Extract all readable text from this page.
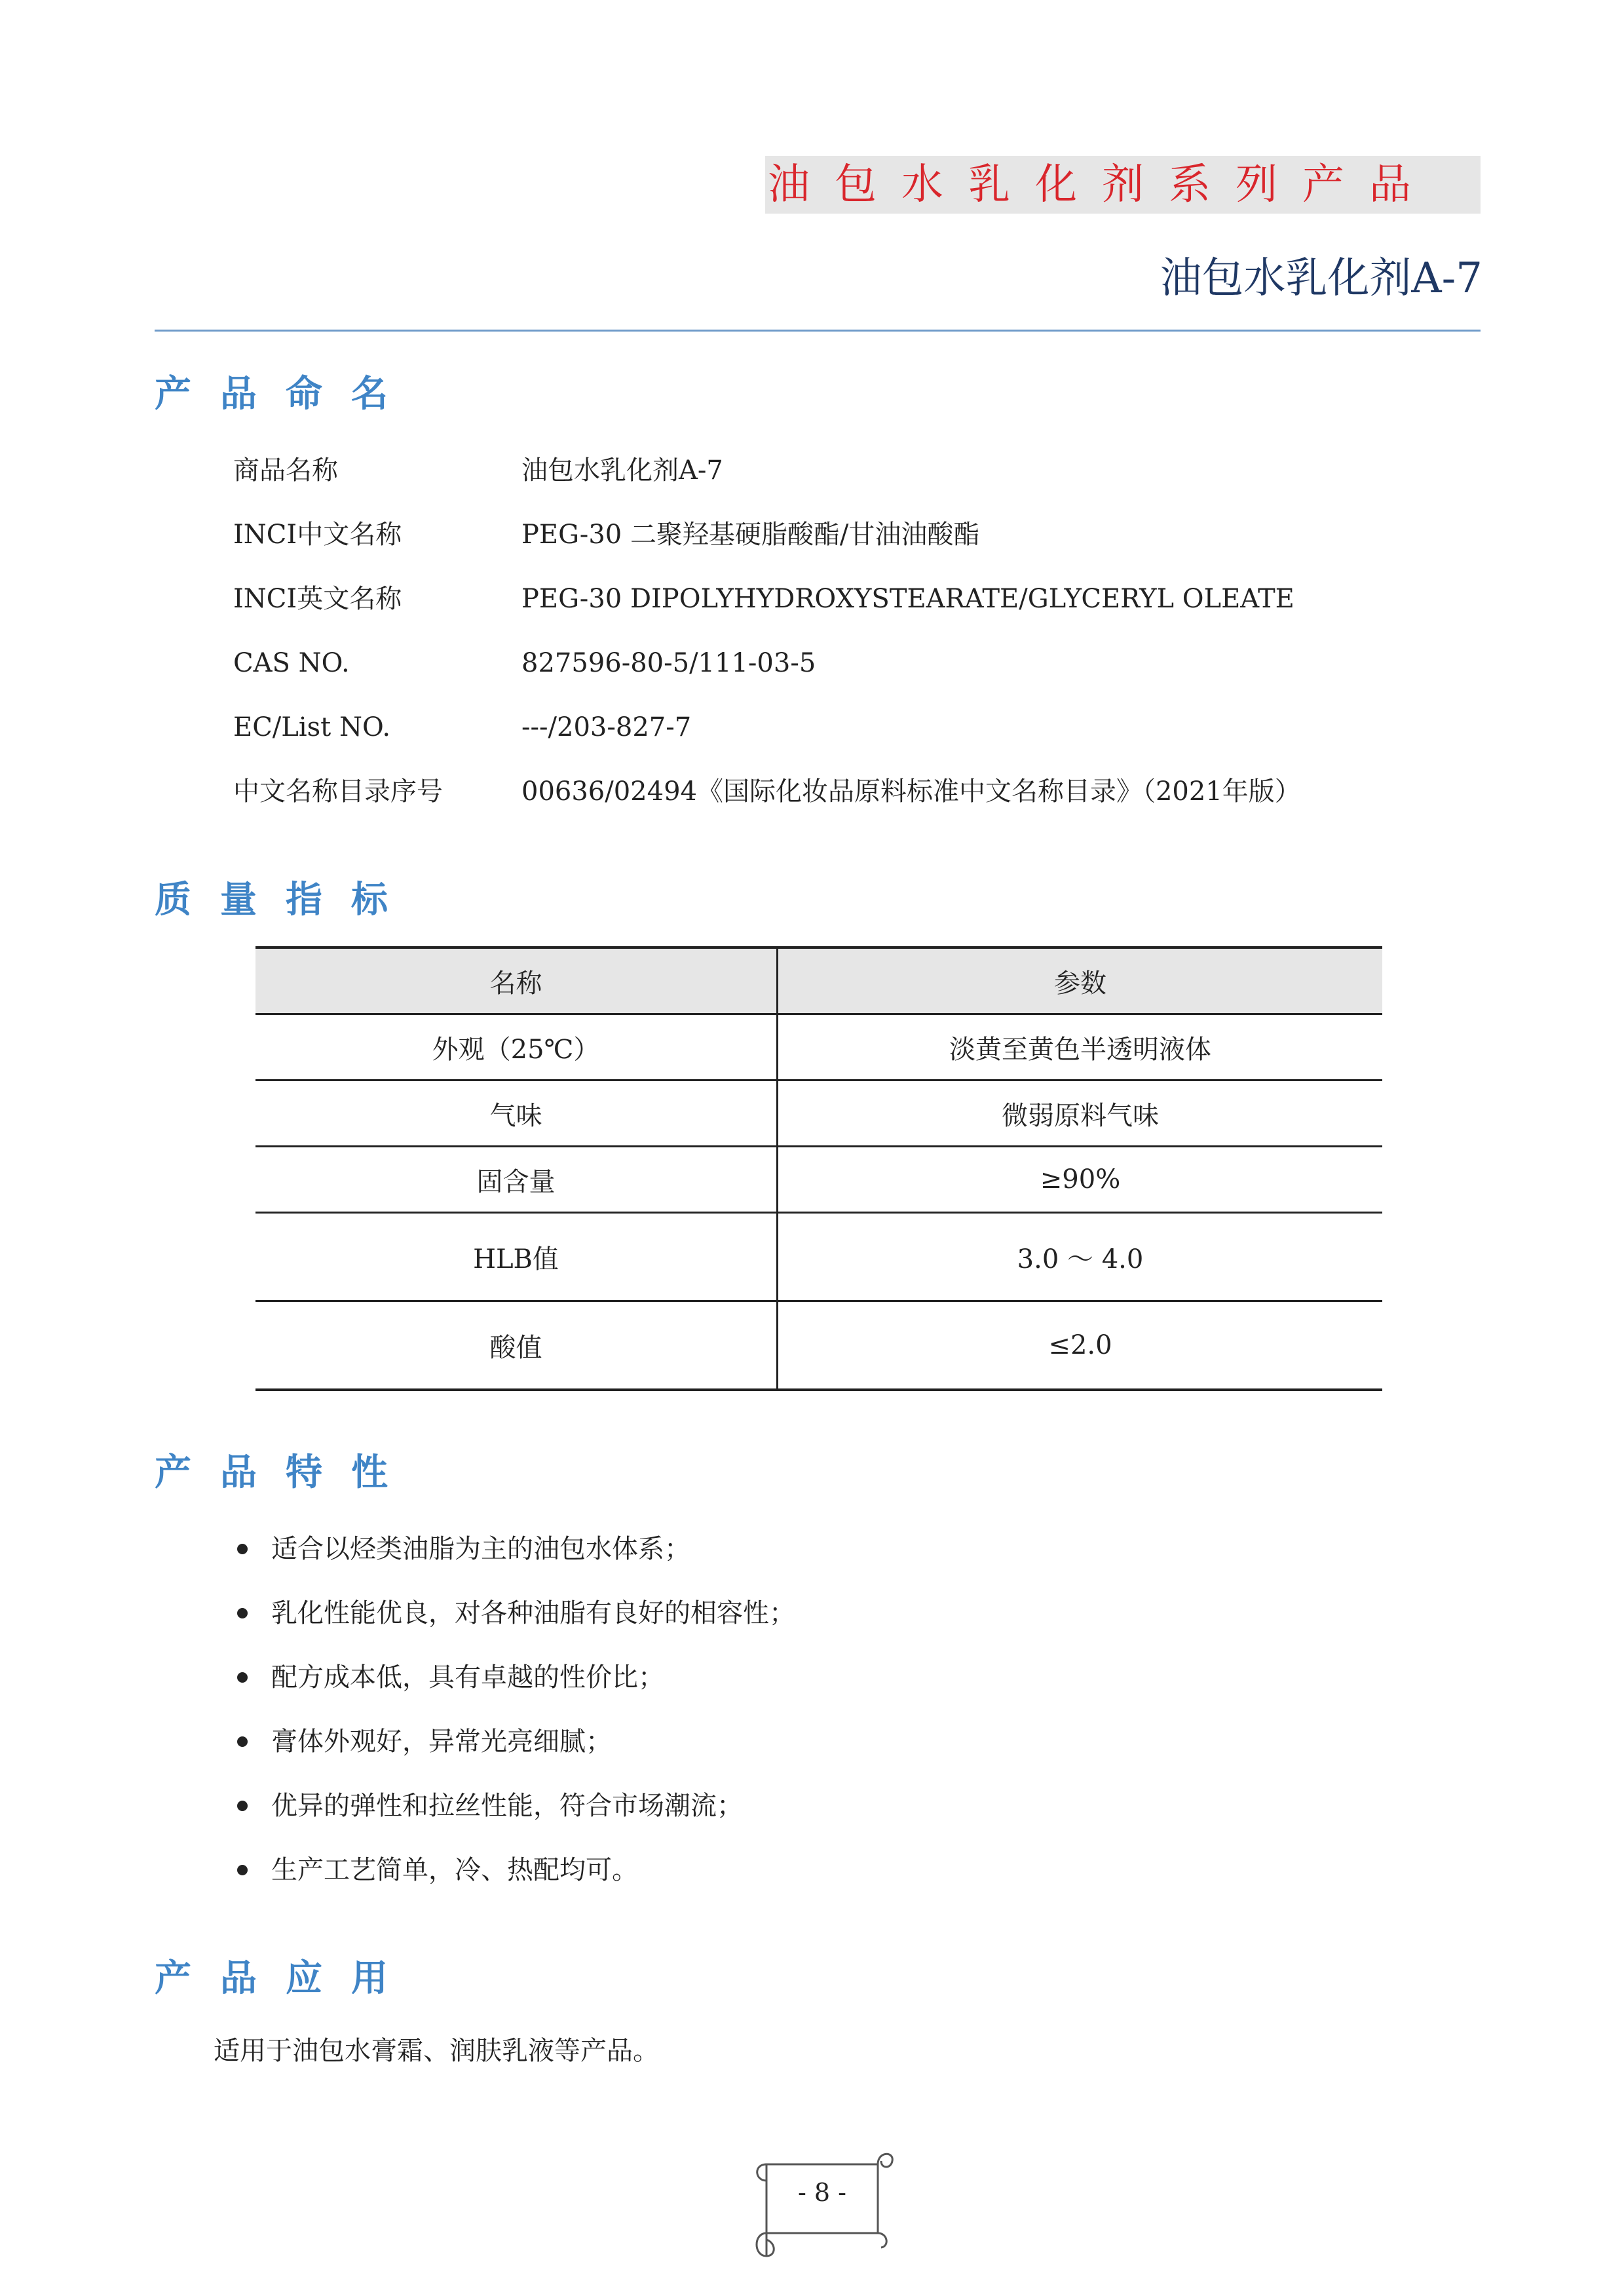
油包水乳化剂系列产品
油包水乳化剂A-7
产品命名
商品名称	油包水乳化剂A-7
INCI中文名称	PEG-30 二聚羟基硬脂酸酯/甘油油酸酯
INCI英文名称	PEG-30 DIPOLYHYDROXYSTEARATE/GLYCERYL OLEATE
CAS NO.	827596-80-5/111-03-5
EC/List NO.	---/203-827-7
中文名称目录序号	00636/02494《国际化妆品原料标准中文名称目录》（2021年版）
质量指标
名称	参数
外观（25℃）	淡黄至黄色半透明液体
气味	微弱原料气味
固含量	≥90%
HLB值	3.0 ～ 4.0
酸值	≤2.0
产品特性
适合以烃类油脂为主的油包水体系；
乳化性能优良，对各种油脂有良好的相容性；
配方成本低，具有卓越的性价比；
膏体外观好，异常光亮细腻；
优异的弹性和拉丝性能，符合市场潮流；
生产工艺简单，冷、热配均可。
产品应用
适用于油包水膏霜、润肤乳液等产品。
- 8 -
